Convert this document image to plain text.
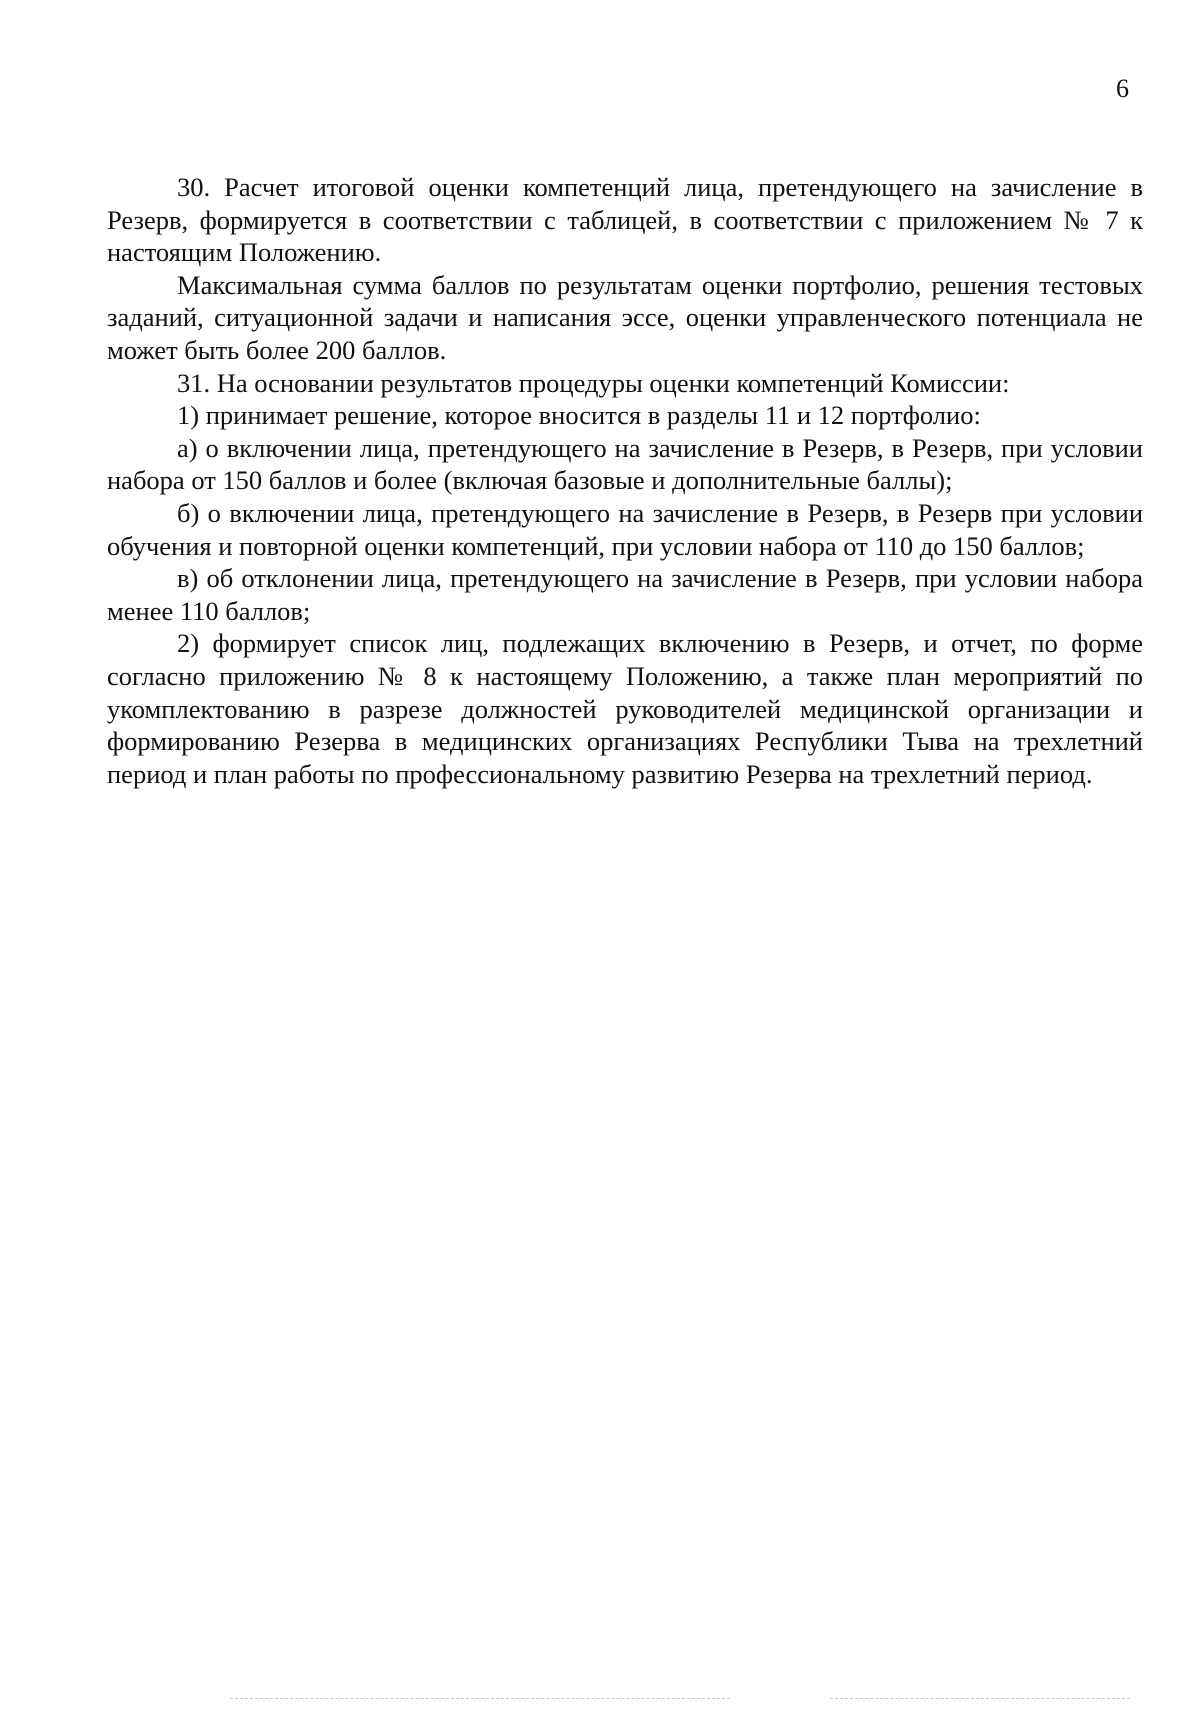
6

30. Расчет итоговой оценки компетенций лица, претендующего на зачисление в Резерв, формируется в соответствии с таблицей, в соответствии с приложением № 7 к настоящим Положению.

Максимальная сумма баллов по результатам оценки портфолио, решения тестовых заданий, ситуационной задачи и написания эссе, оценки управленческого потенциала не может быть более 200 баллов.

31. На основании результатов процедуры оценки компетенций Комиссии:

1) принимает решение, которое вносится в разделы 11 и 12 портфолио:

а) о включении лица, претендующего на зачисление в Резерв, в Резерв, при условии набора от 150 баллов и более (включая базовые и дополнительные баллы);

б) о включении лица, претендующего на зачисление в Резерв, в Резерв при условии обучения и повторной оценки компетенций, при условии набора от 110 до 150 баллов;

в) об отклонении лица, претендующего на зачисление в Резерв, при условии набора менее 110 баллов;

2) формирует список лиц, подлежащих включению в Резерв, и отчет, по форме согласно приложению № 8 к настоящему Положению, а также план мероприятий по укомплектованию в разрезе должностей руководителей медицинской организации и формированию Резерва в медицинских организациях Республики Тыва на трехлетний период и план работы по профессиональному развитию Резерва на трехлетний период.
